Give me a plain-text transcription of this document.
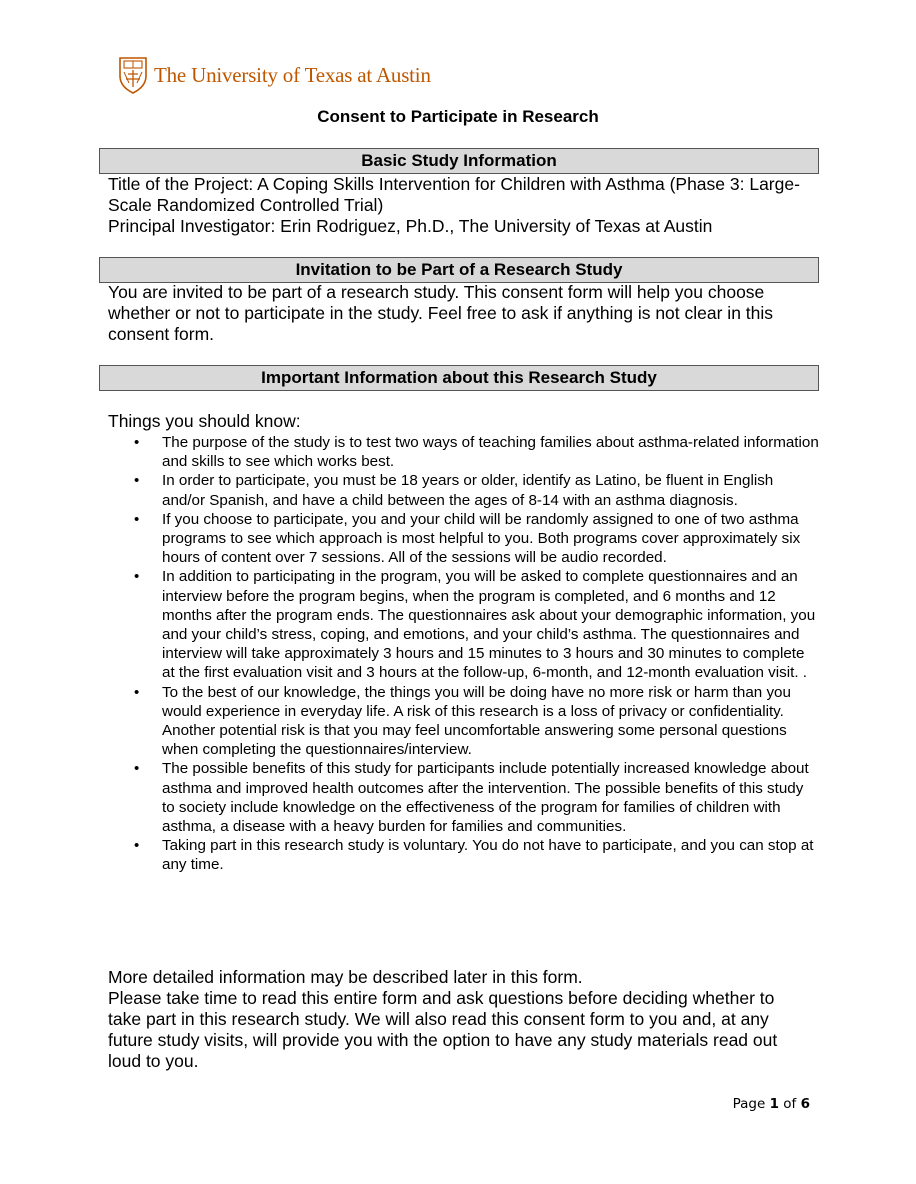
The University of Texas at Austin
Consent to Participate in Research
Basic Study Information
Title of the Project: A Coping Skills Intervention for Children with Asthma (Phase 3: Large-Scale Randomized Controlled Trial)
Principal Investigator: Erin Rodriguez, Ph.D., The University of Texas at Austin
Invitation to be Part of a Research Study
You are invited to be part of a research study. This consent form will help you choose whether or not to participate in the study. Feel free to ask if anything is not clear in this consent form.
Important Information about this Research Study
Things you should know:
• The purpose of the study is to test two ways of teaching families about asthma-related information and skills to see which works best.
• In order to participate, you must be 18 years or older, identify as Latino, be fluent in English and/or Spanish, and have a child between the ages of 8-14 with an asthma diagnosis.
• If you choose to participate, you and your child will be randomly assigned to one of two asthma programs to see which approach is most helpful to you. Both programs cover approximately six hours of content over 7 sessions. All of the sessions will be audio recorded.
• In addition to participating in the program, you will be asked to complete questionnaires and an interview before the program begins, when the program is completed, and 6 months and 12 months after the program ends. The questionnaires ask about your demographic information, you and your child’s stress, coping, and emotions, and your child’s asthma. The questionnaires and interview will take approximately 3 hours and 15 minutes to 3 hours and 30 minutes to complete at the first evaluation visit and 3 hours at the follow-up, 6-month, and 12-month evaluation visit. .
• To the best of our knowledge, the things you will be doing have no more risk or harm than you would experience in everyday life. A risk of this research is a loss of privacy or confidentiality. Another potential risk is that you may feel uncomfortable answering some personal questions when completing the questionnaires/interview.
• The possible benefits of this study for participants include potentially increased knowledge about asthma and improved health outcomes after the intervention. The possible benefits of this study to society include knowledge on the effectiveness of the program for families of children with asthma, a disease with a heavy burden for families and communities.
• Taking part in this research study is voluntary. You do not have to participate, and you can stop at any time.
More detailed information may be described later in this form.
Please take time to read this entire form and ask questions before deciding whether to take part in this research study. We will also read this consent form to you and, at any future study visits, will provide you with the option to have any study materials read out loud to you.
Page 1 of 6
